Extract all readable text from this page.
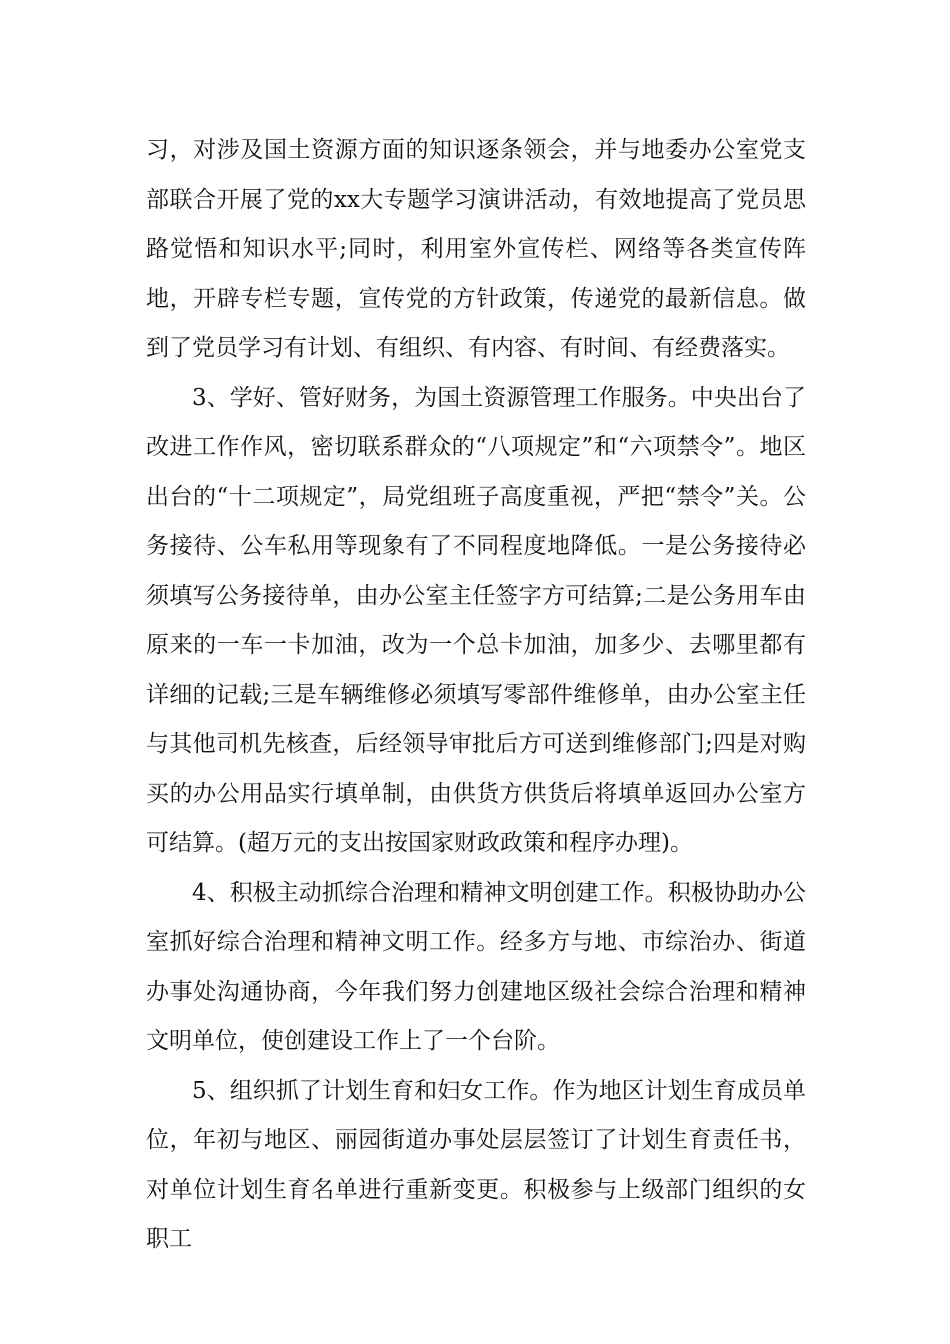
习，对涉及国土资源方面的知识逐条领会，并与地委办公室党支部联合开展了党的xx大专题学习演讲活动，有效地提高了党员思路觉悟和知识水平;同时，利用室外宣传栏、网络等各类宣传阵地，开辟专栏专题，宣传党的方针政策，传递党的最新信息。做到了党员学习有计划、有组织、有内容、有时间、有经费落实。

3、学好、管好财务，为国土资源管理工作服务。中央出台了改进工作作风，密切联系群众的“八项规定”和“六项禁令”。地区出台的“十二项规定”，局党组班子高度重视，严把“禁令”关。公务接待、公车私用等现象有了不同程度地降低。一是公务接待必须填写公务接待单，由办公室主任签字方可结算;二是公务用车由原来的一车一卡加油，改为一个总卡加油，加多少、去哪里都有详细的记载;三是车辆维修必须填写零部件维修单，由办公室主任与其他司机先核查，后经领导审批后方可送到维修部门;四是对购买的办公用品实行填单制，由供货方供货后将填单返回办公室方可结算。(超万元的支出按国家财政政策和程序办理)。

4、积极主动抓综合治理和精神文明创建工作。积极协助办公室抓好综合治理和精神文明工作。经多方与地、市综治办、街道办事处沟通协商，今年我们努力创建地区级社会综合治理和精神文明单位，使创建设工作上了一个台阶。

5、组织抓了计划生育和妇女工作。作为地区计划生育成员单位，年初与地区、丽园街道办事处层层签订了计划生育责任书，对单位计划生育名单进行重新变更。积极参与上级部门组织的女职工
